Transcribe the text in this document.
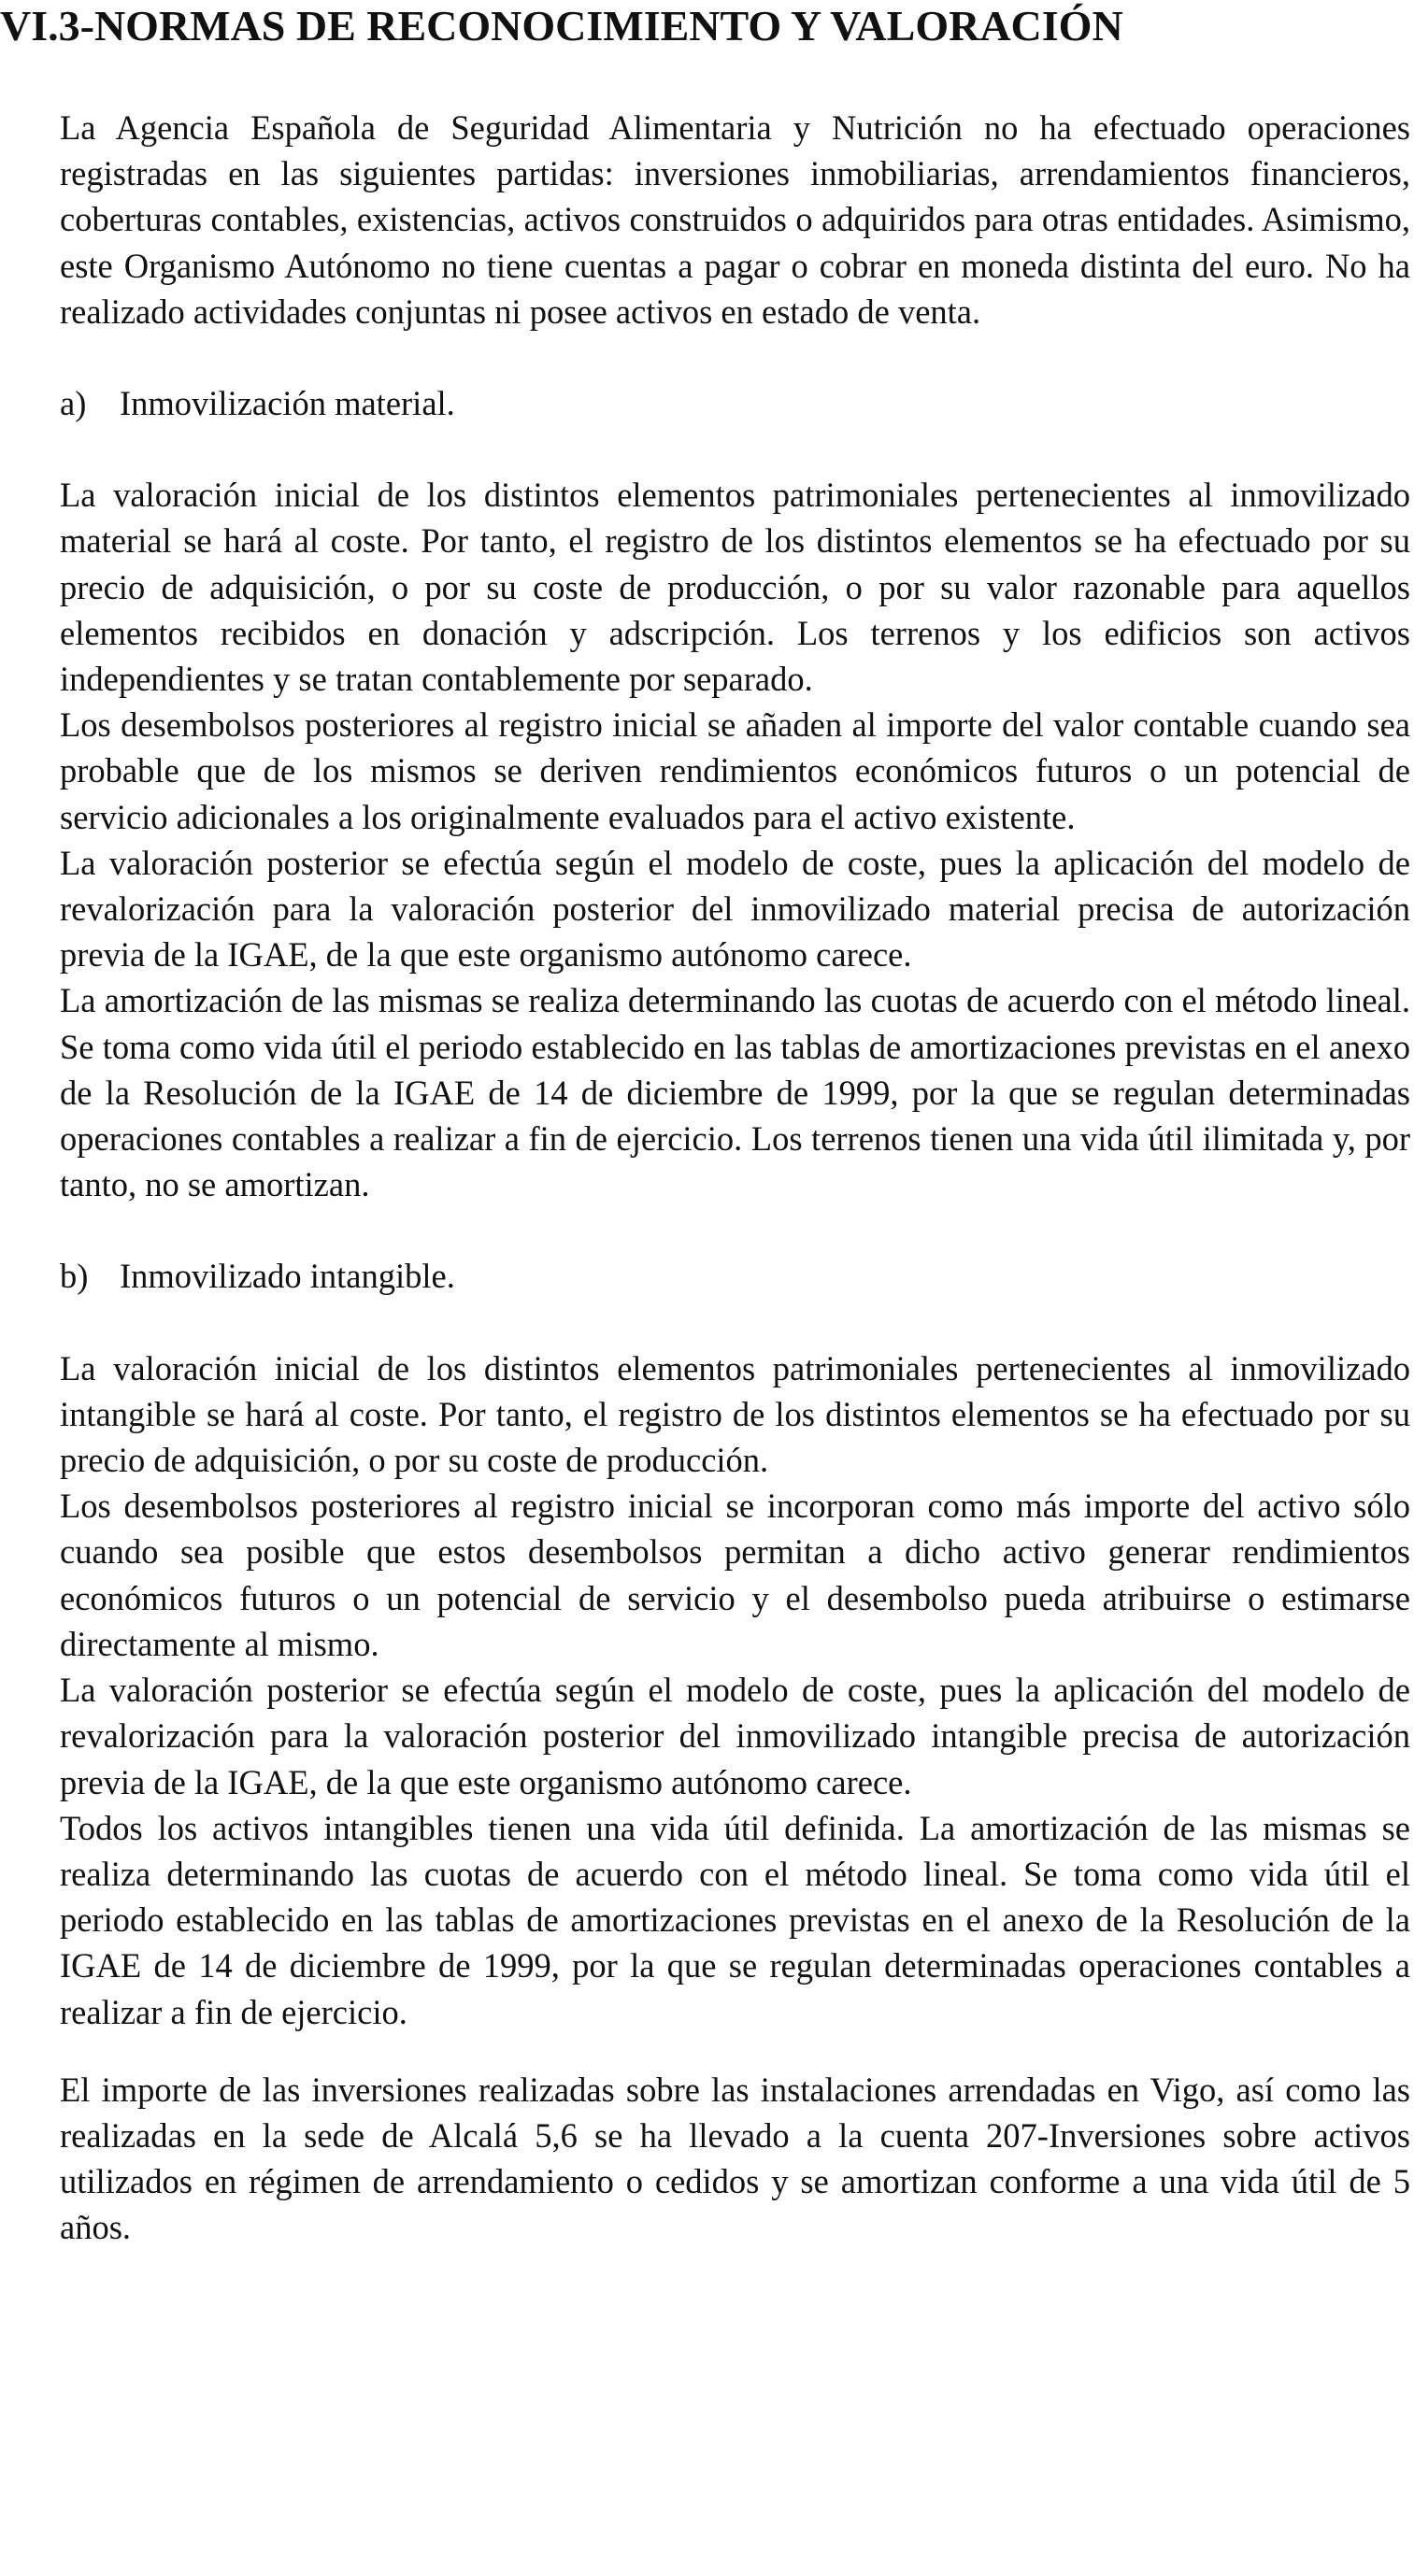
VI.3-NORMAS DE RECONOCIMIENTO Y VALORACIÓN

La Agencia Española de Seguridad Alimentaria y Nutrición no ha efectuado operaciones registradas en las siguientes partidas: inversiones inmobiliarias, arrendamientos financieros, coberturas contables, existencias, activos construidos o adquiridos para otras entidades. Asimismo, este Organismo Autónomo no tiene cuentas a pagar o cobrar en moneda distinta del euro. No ha realizado actividades conjuntas ni posee activos en estado de venta.

a) Inmovilización material.

La valoración inicial de los distintos elementos patrimoniales pertenecientes al inmovilizado material se hará al coste. Por tanto, el registro de los distintos elementos se ha efectuado por su precio de adquisición, o por su coste de producción, o por su valor razonable para aquellos elementos recibidos en donación y adscripción. Los terrenos y los edificios son activos independientes y se tratan contablemente por separado.

Los desembolsos posteriores al registro inicial se añaden al importe del valor contable cuando sea probable que de los mismos se deriven rendimientos económicos futuros o un potencial de servicio adicionales a los originalmente evaluados para el activo existente.

La valoración posterior se efectúa según el modelo de coste, pues la aplicación del modelo de revalorización para la valoración posterior del inmovilizado material precisa de autorización previa de la IGAE, de la que este organismo autónomo carece.

La amortización de las mismas se realiza determinando las cuotas de acuerdo con el método lineal. Se toma como vida útil el periodo establecido en las tablas de amortizaciones previstas en el anexo de la Resolución de la IGAE de 14 de diciembre de 1999, por la que se regulan determinadas operaciones contables a realizar a fin de ejercicio. Los terrenos tienen una vida útil ilimitada y, por tanto, no se amortizan.

b) Inmovilizado intangible.

La valoración inicial de los distintos elementos patrimoniales pertenecientes al inmovilizado intangible se hará al coste. Por tanto, el registro de los distintos elementos se ha efectuado por su precio de adquisición, o por su coste de producción.

Los desembolsos posteriores al registro inicial se incorporan como más importe del activo sólo cuando sea posible que estos desembolsos permitan a dicho activo generar rendimientos económicos futuros o un potencial de servicio y el desembolso pueda atribuirse o estimarse directamente al mismo.

La valoración posterior se efectúa según el modelo de coste, pues la aplicación del modelo de revalorización para la valoración posterior del inmovilizado intangible precisa de autorización previa de la IGAE, de la que este organismo autónomo carece.

Todos los activos intangibles tienen una vida útil definida. La amortización de las mismas se realiza determinando las cuotas de acuerdo con el método lineal. Se toma como vida útil el periodo establecido en las tablas de amortizaciones previstas en el anexo de la Resolución de la IGAE de 14 de diciembre de 1999, por la que se regulan determinadas operaciones contables a realizar a fin de ejercicio.

El importe de las inversiones realizadas sobre las instalaciones arrendadas en Vigo, así como las realizadas en la sede de Alcalá 5,6 se ha llevado a la cuenta 207-Inversiones sobre activos utilizados en régimen de arrendamiento o cedidos y se amortizan conforme a una vida útil de 5 años.
